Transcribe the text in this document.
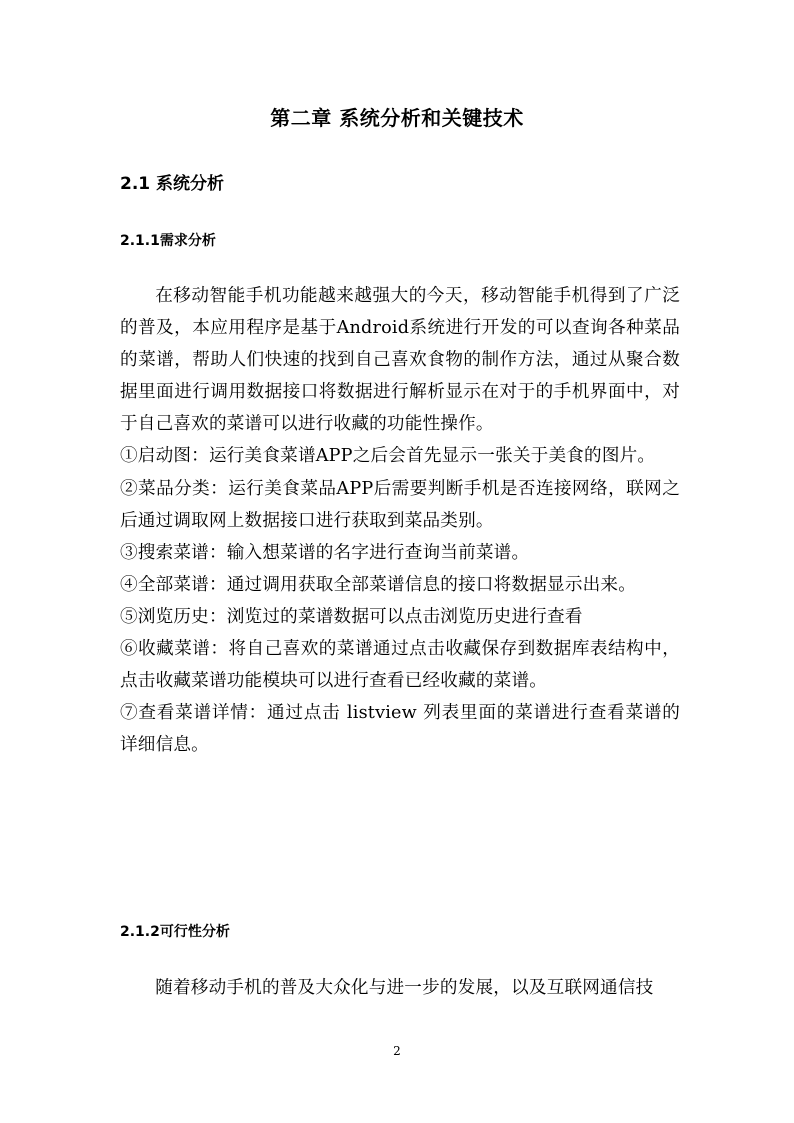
第二章 系统分析和关键技术
2.1 系统分析
2.1.1需求分析

在移动智能手机功能越来越强大的今天，移动智能手机得到了广泛的普及，本应用程序是基于Android系统进行开发的可以查询各种菜品的菜谱，帮助人们快速的找到自己喜欢食物的制作方法，通过从聚合数据里面进行调用数据接口将数据进行解析显示在对于的手机界面中，对于自己喜欢的菜谱可以进行收藏的功能性操作。

①启动图：运行美食菜谱APP之后会首先显示一张关于美食的图片。

②菜品分类：运行美食菜品APP后需要判断手机是否连接网络，联网之后通过调取网上数据接口进行获取到菜品类别。

③搜索菜谱：输入想菜谱的名字进行查询当前菜谱。

④全部菜谱：通过调用获取全部菜谱信息的接口将数据显示出来。

⑤浏览历史：浏览过的菜谱数据可以点击浏览历史进行查看

⑥收藏菜谱：将自己喜欢的菜谱通过点击收藏保存到数据库表结构中，点击收藏菜谱功能模块可以进行查看已经收藏的菜谱。

⑦查看菜谱详情：通过点击 listview 列表里面的菜谱进行查看菜谱的详细信息。

2.1.2可行性分析

随着移动手机的普及大众化与进一步的发展，以及互联网通信技

2
